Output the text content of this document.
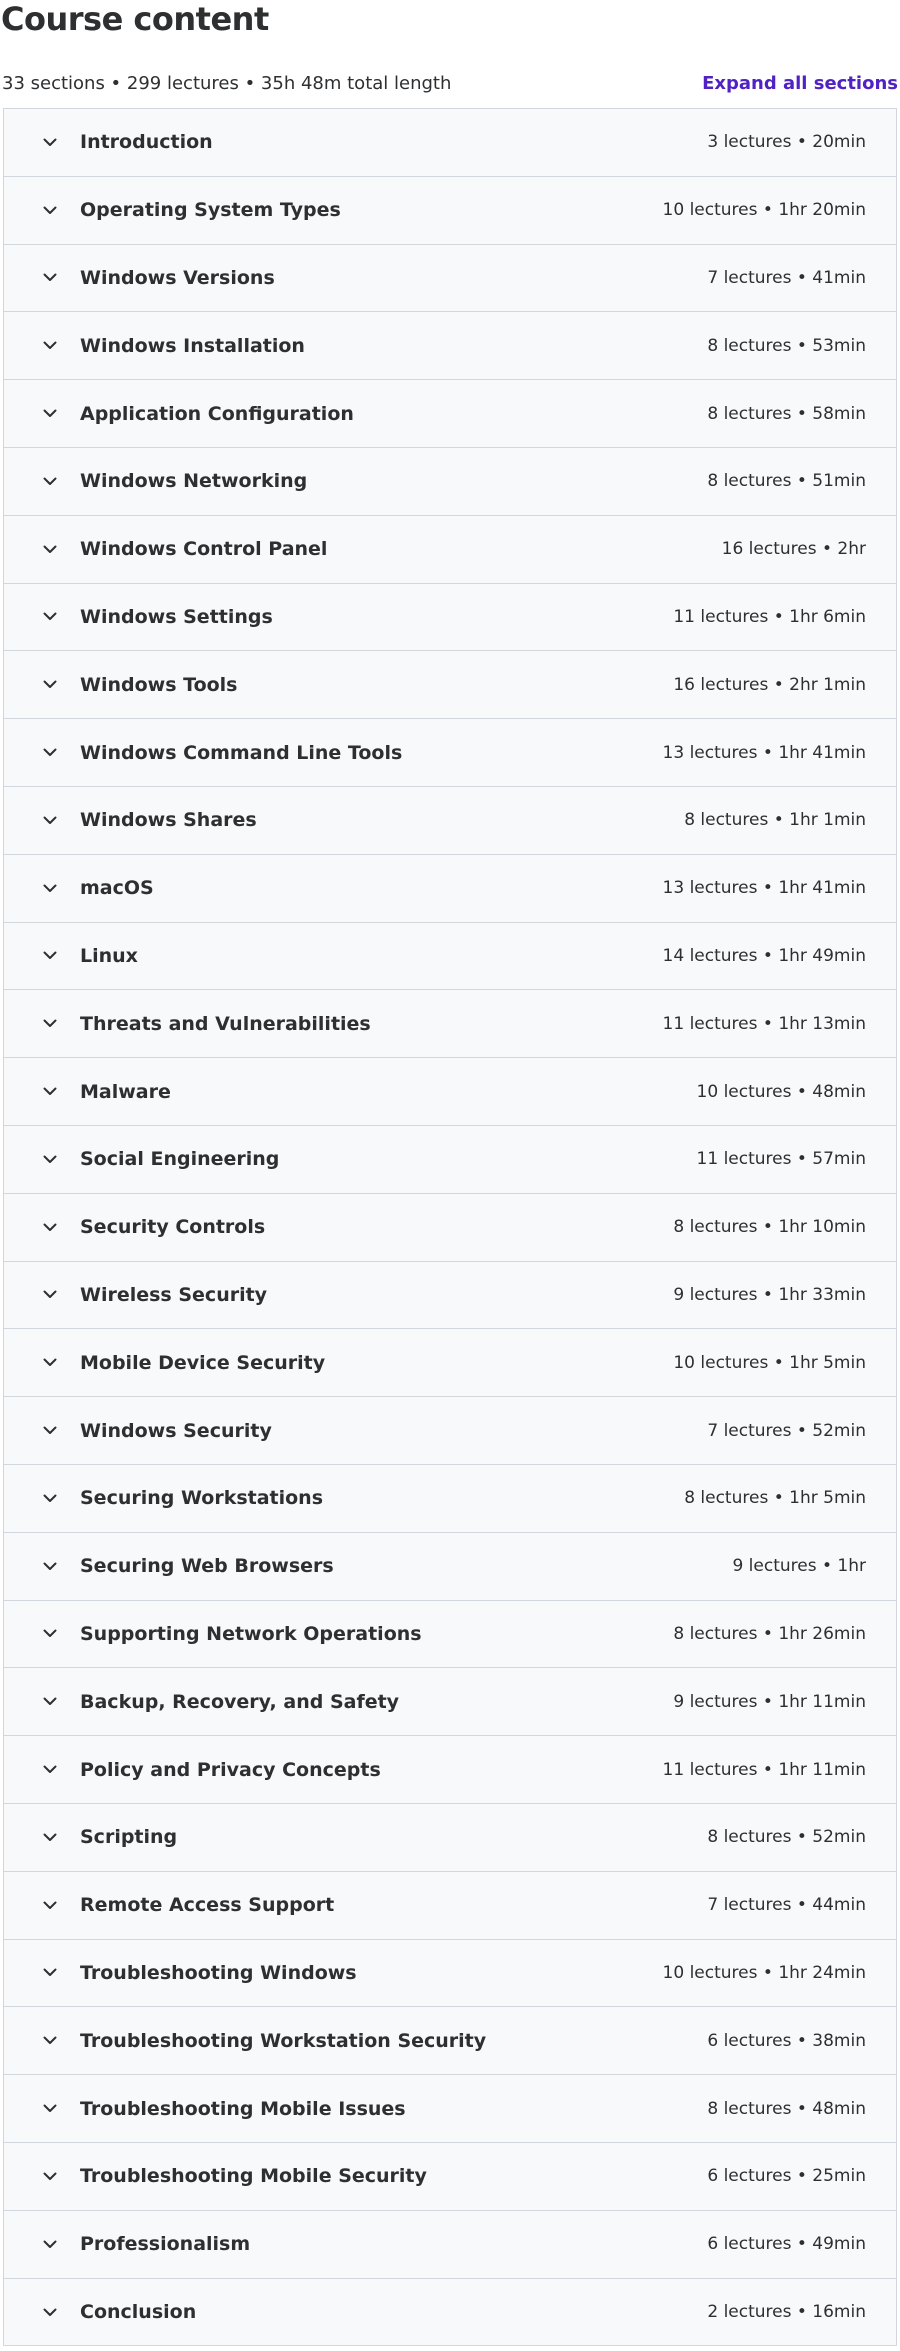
Course content
33 sections • 299 lectures • 35h 48m total length	Expand all sections
Introduction	3 lectures • 20min
Operating System Types	10 lectures • 1hr 20min
Windows Versions	7 lectures • 41min
Windows Installation	8 lectures • 53min
Application Configuration	8 lectures • 58min
Windows Networking	8 lectures • 51min
Windows Control Panel	16 lectures • 2hr
Windows Settings	11 lectures • 1hr 6min
Windows Tools	16 lectures • 2hr 1min
Windows Command Line Tools	13 lectures • 1hr 41min
Windows Shares	8 lectures • 1hr 1min
macOS	13 lectures • 1hr 41min
Linux	14 lectures • 1hr 49min
Threats and Vulnerabilities	11 lectures • 1hr 13min
Malware	10 lectures • 48min
Social Engineering	11 lectures • 57min
Security Controls	8 lectures • 1hr 10min
Wireless Security	9 lectures • 1hr 33min
Mobile Device Security	10 lectures • 1hr 5min
Windows Security	7 lectures • 52min
Securing Workstations	8 lectures • 1hr 5min
Securing Web Browsers	9 lectures • 1hr
Supporting Network Operations	8 lectures • 1hr 26min
Backup, Recovery, and Safety	9 lectures • 1hr 11min
Policy and Privacy Concepts	11 lectures • 1hr 11min
Scripting	8 lectures • 52min
Remote Access Support	7 lectures • 44min
Troubleshooting Windows	10 lectures • 1hr 24min
Troubleshooting Workstation Security	6 lectures • 38min
Troubleshooting Mobile Issues	8 lectures • 48min
Troubleshooting Mobile Security	6 lectures • 25min
Professionalism	6 lectures • 49min
Conclusion	2 lectures • 16min
